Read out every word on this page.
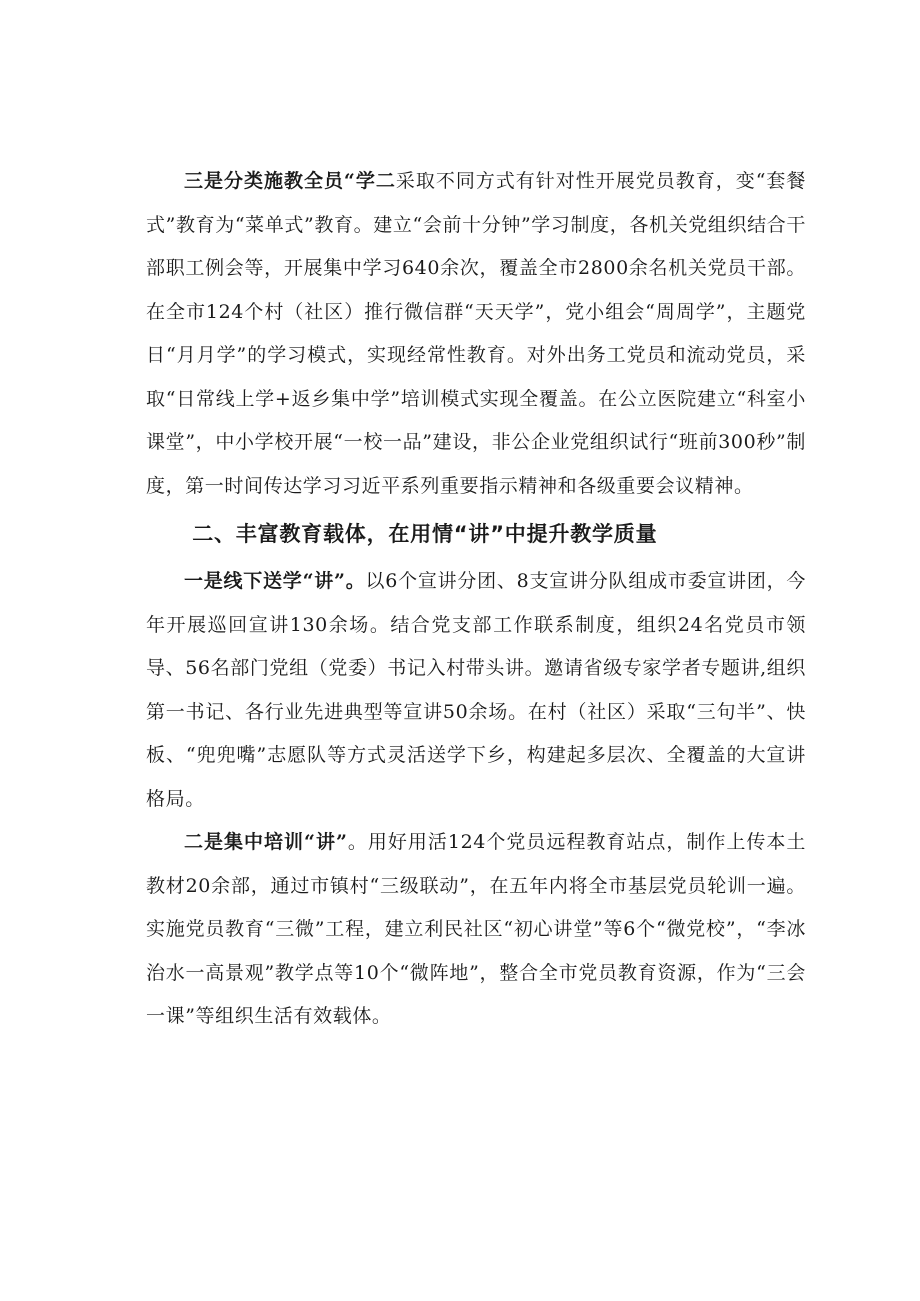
三是分类施教全员“学二采取不同方式有针对性开展党员教育，变“套餐式”教育为“菜单式”教育。建立“会前十分钟”学习制度，各机关党组织结合干部职工例会等，开展集中学习640余次，覆盖全市2800余名机关党员干部。在全市124个村（社区）推行微信群“天天学”，党小组会“周周学”，主题党日“月月学”的学习模式，实现经常性教育。对外出务工党员和流动党员，采取“日常线上学+返乡集中学”培训模式实现全覆盖。在公立医院建立“科室小课堂”，中小学校开展“一校一品”建设，非公企业党组织试行“班前300秒”制度，第一时间传达学习习近平系列重要指示精神和各级重要会议精神。

二、丰富教育载体，在用情“讲”中提升教学质量

一是线下送学“讲”。以6个宣讲分团、8支宣讲分队组成市委宣讲团，今年开展巡回宣讲130余场。结合党支部工作联系制度，组织24名党员市领导、56名部门党组（党委）书记入村带头讲。邀请省级专家学者专题讲,组织第一书记、各行业先进典型等宣讲50余场。在村（社区）采取“三句半”、快板、“兜兜嘴”志愿队等方式灵活送学下乡，构建起多层次、全覆盖的大宣讲格局。

二是集中培训“讲”。用好用活124个党员远程教育站点，制作上传本土教材20余部，通过市镇村“三级联动”，在五年内将全市基层党员轮训一遍。实施党员教育“三微”工程，建立利民社区“初心讲堂”等6个“微党校”，“李冰治水一高景观”教学点等10个“微阵地”，整合全市党员教育资源，作为“三会一课”等组织生活有效载体。
